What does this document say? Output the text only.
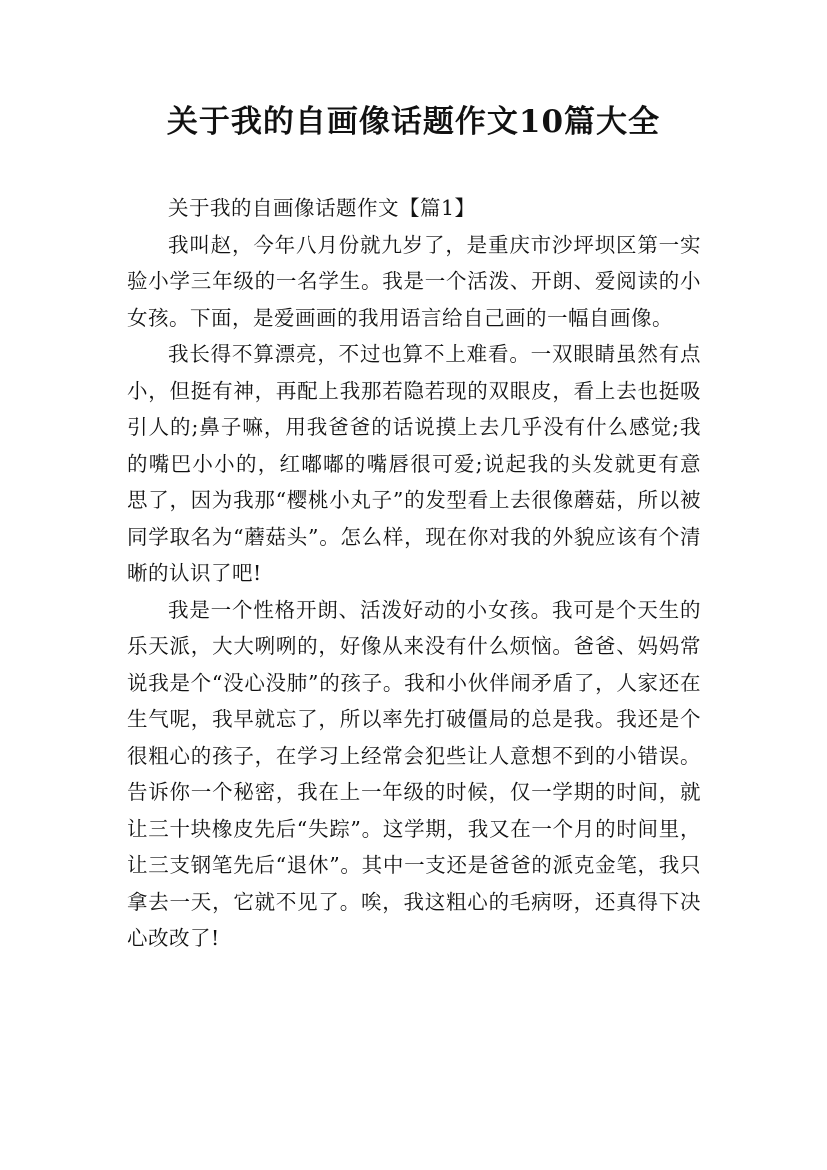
关于我的自画像话题作文10篇大全

关于我的自画像话题作文【篇1】

我叫赵，今年八月份就九岁了，是重庆市沙坪坝区第一实验小学三年级的一名学生。我是一个活泼、开朗、爱阅读的小女孩。下面，是爱画画的我用语言给自己画的一幅自画像。

我长得不算漂亮，不过也算不上难看。一双眼睛虽然有点小，但挺有神，再配上我那若隐若现的双眼皮，看上去也挺吸引人的;鼻子嘛，用我爸爸的话说摸上去几乎没有什么感觉;我的嘴巴小小的，红嘟嘟的嘴唇很可爱;说起我的头发就更有意思了，因为我那“樱桃小丸子”的发型看上去很像蘑菇，所以被同学取名为“蘑菇头”。怎么样，现在你对我的外貌应该有个清晰的认识了吧!

我是一个性格开朗、活泼好动的小女孩。我可是个天生的乐天派，大大咧咧的，好像从来没有什么烦恼。爸爸、妈妈常说我是个“没心没肺”的孩子。我和小伙伴闹矛盾了，人家还在生气呢，我早就忘了，所以率先打破僵局的总是我。我还是个很粗心的孩子，在学习上经常会犯些让人意想不到的小错误。告诉你一个秘密，我在上一年级的时候，仅一学期的时间，就让三十块橡皮先后“失踪”。这学期，我又在一个月的时间里，让三支钢笔先后“退休”。其中一支还是爸爸的派克金笔，我只拿去一天，它就不见了。唉，我这粗心的毛病呀，还真得下决心改改了!
